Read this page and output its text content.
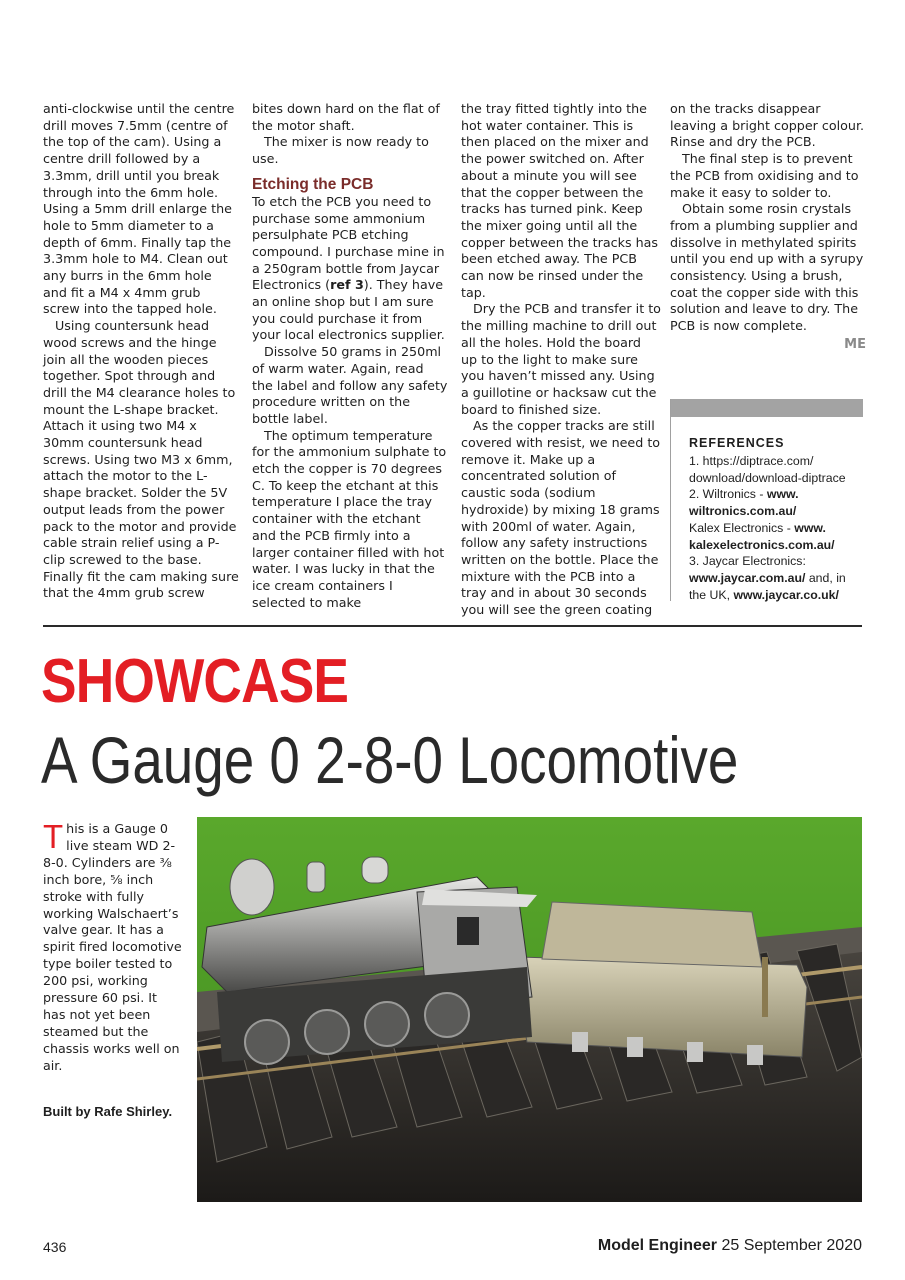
anti-clockwise until the centre drill moves 7.5mm (centre of the top of the cam). Using a centre drill followed by a 3.3mm, drill until you break through into the 6mm hole. Using a 5mm drill enlarge the hole to 5mm diameter to a depth of 6mm. Finally tap the 3.3mm hole to M4. Clean out any burrs in the 6mm hole and fit a M4 x 4mm grub screw into the tapped hole.

Using countersunk head wood screws and the hinge join all the wooden pieces together. Spot through and drill the M4 clearance holes to mount the L-shape bracket. Attach it using two M4 x 30mm countersunk head screws. Using two M3 x 6mm, attach the motor to the L-shape bracket. Solder the 5V output leads from the power pack to the motor and provide cable strain relief using a P-clip screwed to the base. Finally fit the cam making sure that the 4mm grub screw

bites down hard on the flat of the motor shaft.

The mixer is now ready to use.

Etching the PCB

To etch the PCB you need to purchase some ammonium persulphate PCB etching compound. I purchase mine in a 250gram bottle from Jaycar Electronics (ref 3). They have an online shop but I am sure you could purchase it from your local electronics supplier.

Dissolve 50 grams in 250ml of warm water. Again, read the label and follow any safety procedure written on the bottle label.

The optimum temperature for the ammonium sulphate to etch the copper is 70 degrees C. To keep the etchant at this temperature I place the tray container with the etchant and the PCB firmly into a larger container filled with hot water. I was lucky in that the ice cream containers I selected to make

the tray fitted tightly into the hot water container. This is then placed on the mixer and the power switched on. After about a minute you will see that the copper between the tracks has turned pink. Keep the mixer going until all the copper between the tracks has been etched away. The PCB can now be rinsed under the tap.

Dry the PCB and transfer it to the milling machine to drill out all the holes. Hold the board up to the light to make sure you haven’t missed any. Using a guillotine or hacksaw cut the board to finished size.

As the copper tracks are still covered with resist, we need to remove it. Make up a concentrated solution of caustic soda (sodium hydroxide) by mixing 18 grams with 200ml of water. Again, follow any safety instructions written on the bottle. Place the mixture with the PCB into a tray and in about 30 seconds you will see the green coating

on the tracks disappear leaving a bright copper colour. Rinse and dry the PCB.

The final step is to prevent the PCB from oxidising and to make it easy to solder to.

Obtain some rosin crystals from a plumbing supplier and dissolve in methylated spirits until you end up with a syrupy consistency. Using a brush, coat the copper side with this solution and leave to dry. The PCB is now complete.

ME
REFERENCES
1. https://diptrace.com/
download/download-diptrace
2. Wiltronics - www.
wiltronics.com.au/
Kalex Electronics - www.
kalexelectronics.com.au/
3. Jaycar Electronics:
www.jaycar.com.au/ and, in
the UK, www.jaycar.co.uk/
SHOWCASE
A Gauge 0 2-8-0 Locomotive
This is a Gauge 0 live steam WD 2-8-0. Cylinders are ⅜ inch bore, ⅝ inch stroke with fully working Walschaert’s valve gear. It has a spirit fired locomotive type boiler tested to 200 psi, working pressure 60 psi. It has not yet been steamed but the chassis works well on air.
Built by Rafe Shirley.
436	Model Engineer 25 September 2020
